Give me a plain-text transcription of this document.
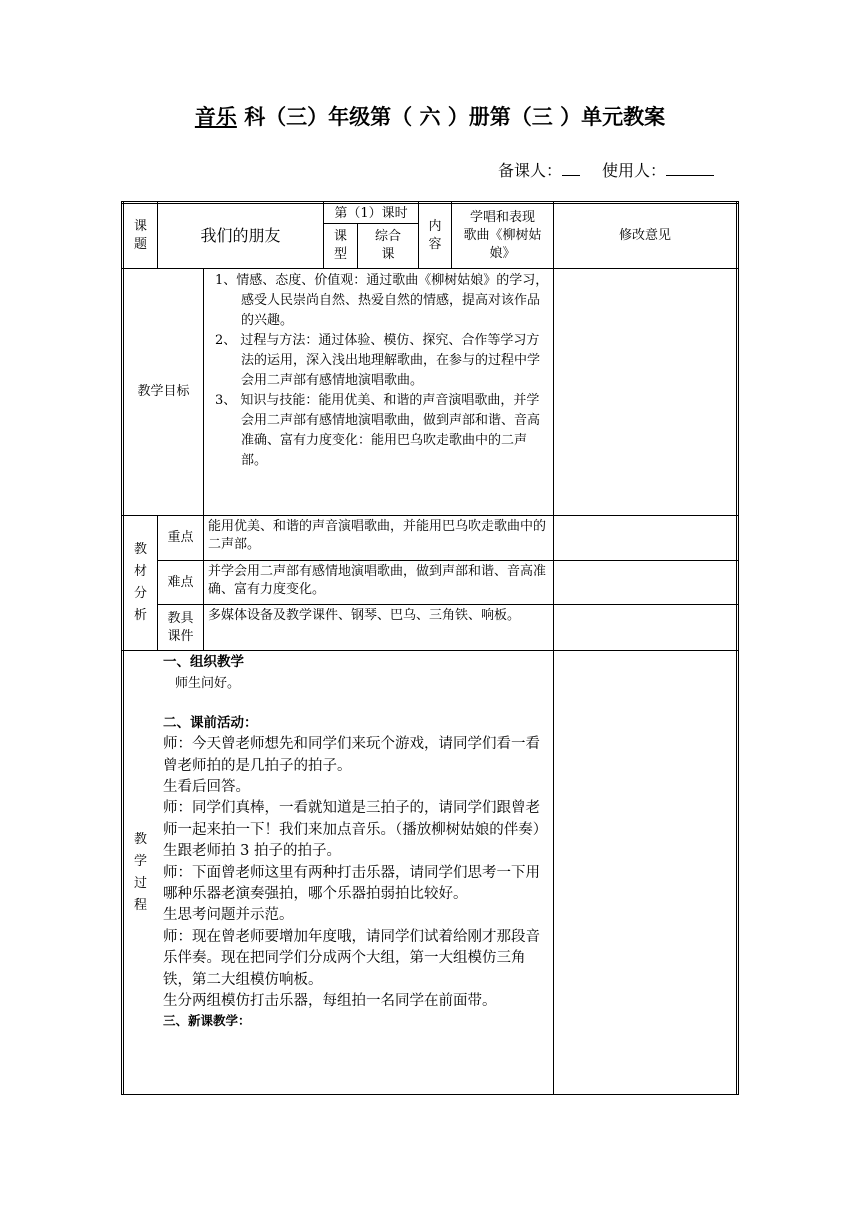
音乐 科（三）年级第（ 六 ）册第（三 ）单元教案
备课人：	使用人：
课
题	我们的朋友
第（1）课时
课
型
综合
课
内
容
学唱和表现
歌曲《柳树姑
娘》
修改意见
教学目标

1、情感、态度、价值观：通过歌曲《柳树姑娘》的学习，感受人民崇尚自然、热爱自然的情感，提高对该作品的兴趣。

2、 过程与方法：通过体验、模仿、探究、合作等学习方法的运用，深入浅出地理解歌曲，在参与的过程中学会用二声部有感情地演唱歌曲。

3、 知识与技能：能用优美、和谐的声音演唱歌曲，并学会用二声部有感情地演唱歌曲，做到声部和谐、音高准确、富有力度变化：能用巴乌吹走歌曲中的二声部。

教
材
分
析
重点
能用优美、和谐的声音演唱歌曲，并能用巴乌吹走歌曲中的二声部。
难点
并学会用二声部有感情地演唱歌曲，做到声部和谐、音高准确、富有力度变化。
教具
课件
多媒体设备及教学课件、钢琴、巴乌、三角铁、响板。
教
学
过
程

一、组织教学

师生问好。

二、课前活动：

师：今天曾老师想先和同学们来玩个游戏，请同学们看一看曾老师拍的是几拍子的拍子。

生看后回答。

师：同学们真棒，一看就知道是三拍子的，请同学们跟曾老师一起来拍一下！我们来加点音乐。（播放柳树姑娘的伴奏）

生跟老师拍 3 拍子的拍子。

师：下面曾老师这里有两种打击乐器，请同学们思考一下用哪种乐器老演奏强拍，哪个乐器拍弱拍比较好。

生思考问题并示范。

师：现在曾老师要增加年度哦，请同学们试着给刚才那段音乐伴奏。现在把同学们分成两个大组，第一大组模仿三角铁，第二大组模仿响板。

生分两组模仿打击乐器，每组拍一名同学在前面带。

三、新课教学：
